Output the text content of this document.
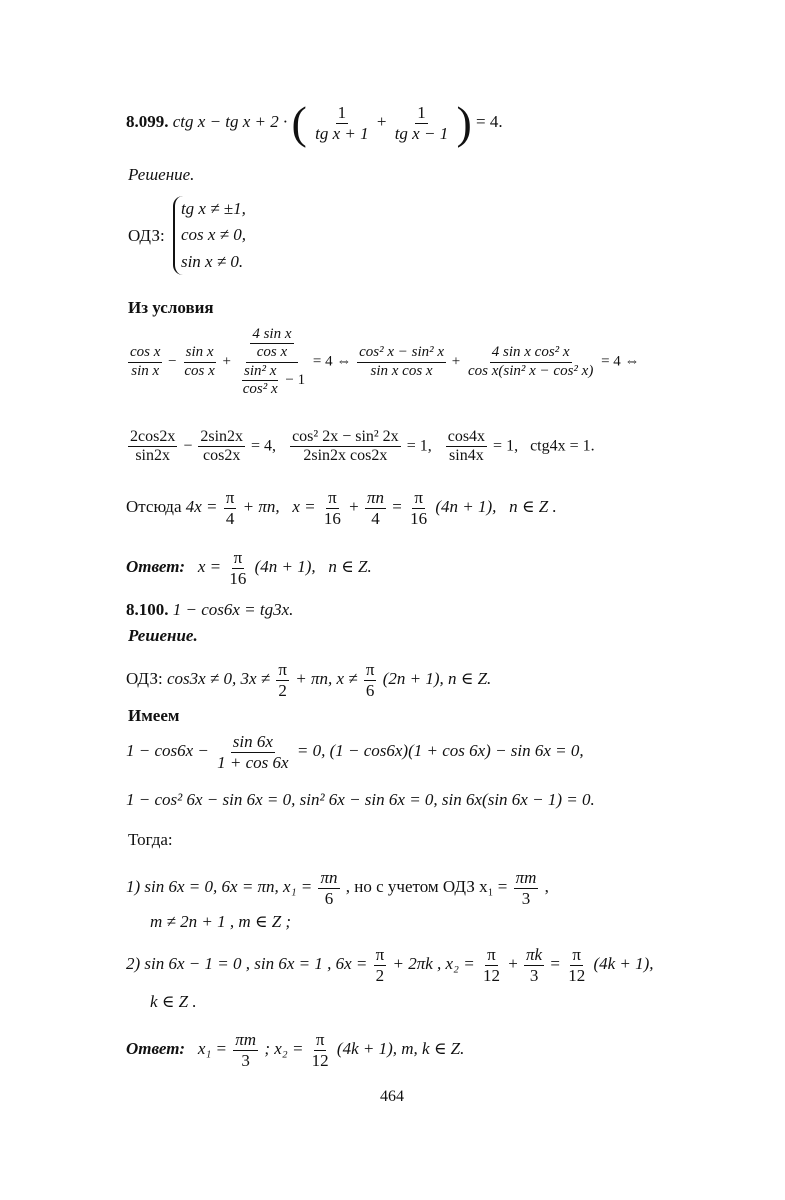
8.099. ctg x − tg x + 2 · ( $\frac{1}{\text{tg x + 1}} + \frac{1}{\text{tg x − 1}}$ ) = 4.
Решение.
ОДЗ: tg x ≠ ±1,
cos x ≠ 0,
sin x ≠ 0.
Из условия
$\frac{\text{cos x}}{\text{sin x}} - \frac{\text{sin x}}{\text{cos x}} + \frac{\frac{\text{4 sin x}}{\text{cos x}}}{\frac{\text{sin² x}}{\text{cos² x}} - 1} = 4$ ⇔ $\frac{\text{cos² x − sin² x}}{\text{sin x cos x}} + \frac{\text{4 sin x cos² x}}{\text{cos x(sin² x − cos² x)}} = 4$ ⇔
$\frac{2\cos 2x}{\sin 2x} - \frac{2\sin 2x}{\cos 2x} = 4$, $\frac{\text{cos² 2x − sin² 2x}}{\text{2sin2x cos2x}} = 1$, $\frac{\cos 4x}{\sin 4x} = 1$, ctg4x = 1.
Отсюда $4x = \frac{\pi}{4} + \pi n$, $x = \frac{\pi}{16} + \frac{\pi n}{4} = \frac{\pi}{16} (4n + 1)$, n ∈ Z .
Ответ: $x = \frac{\pi}{16} (4n + 1)$, n ∈ Z.
8.100. 1 − cos6x = tg3x.
Решение.
ОДЗ: cos3x ≠ 0, $3x \ne \frac{\pi}{2} + \pi n$, $x \ne \frac{\pi}{6} (2n + 1)$, n ∈ Z.
Имеем
$1 - \cos 6x - \frac{\sin 6x}{1 + \cos 6x} = 0$, (1 − cos6x)(1 + cos 6x) − sin 6x = 0,
1 − cos² 6x − sin 6x = 0, sin² 6x − sin 6x = 0, sin 6x(sin 6x − 1) = 0.
Тогда:
1) sin 6x = 0, 6x = πn, $x_1 = \frac{\pi n}{6}$ , но с учетом ОДЗ $x_1 = \frac{\pi m}{3}$ ,
m ≠ 2n + 1 , m ∈ Z ;
2) sin 6x − 1 = 0 , sin 6x = 1 , $6x = \frac{\pi}{2} + 2\pi k$ , $x_2 = \frac{\pi}{12} + \frac{\pi k}{3} = \frac{\pi}{12} (4k + 1)$,
k ∈ Z .
Ответ: $x_1 = \frac{\pi m}{3}$ ; $x_2 = \frac{\pi}{12} (4k + 1)$, m, k ∈ Z.
464
